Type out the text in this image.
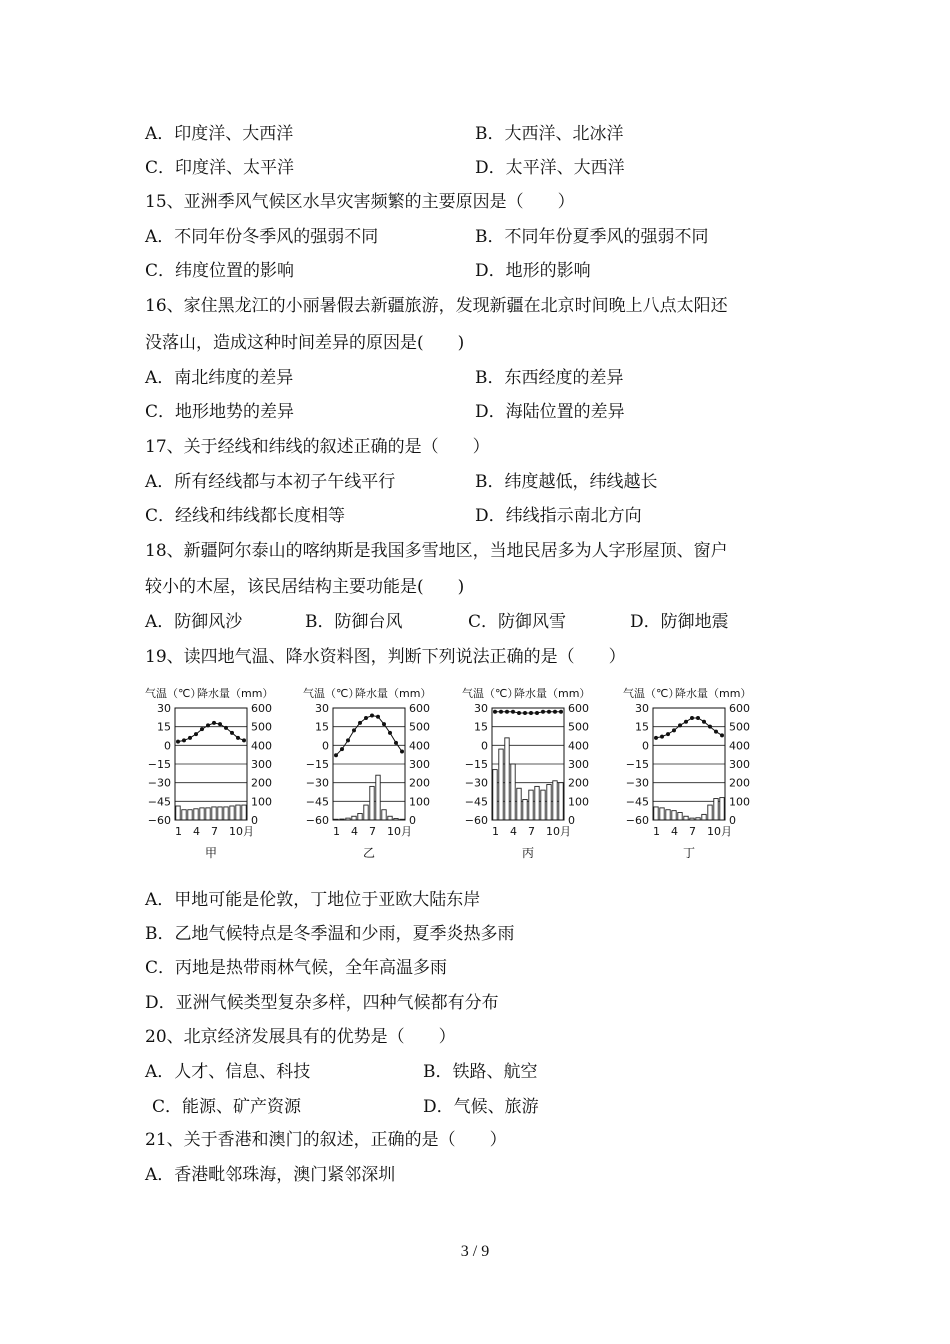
A．印度洋、大西洋	B．大西洋、北冰洋
C．印度洋、太平洋	D．太平洋、大西洋
15、亚洲季风气候区水旱灾害频繁的主要原因是（　　）
A．不同年份冬季风的强弱不同	B．不同年份夏季风的强弱不同
C．纬度位置的影响	D．地形的影响
16、家住黑龙江的小丽暑假去新疆旅游，发现新疆在北京时间晚上八点太阳还
没落山，造成这种时间差异的原因是(　　)
A．南北纬度的差异	B．东西经度的差异
C．地形地势的差异	D．海陆位置的差异
17、关于经线和纬线的叙述正确的是（　　）
A．所有经线都与本初子午线平行	B．纬度越低，纬线越长
C．经线和纬线都长度相等	D．纬线指示南北方向
18、新疆阿尔泰山的喀纳斯是我国多雪地区，当地民居多为人字形屋顶、窗户
较小的木屋，该民居结构主要功能是(　　)
A．防御风沙	B．防御台风	C．防御风雪	D．防御地震
19、读四地气温、降水资料图，判断下列说法正确的是（　　）
气温（℃）
降水量（mm）
30	600
15	500
0	400
−15	300
−30	200
−45	100
−60	0
1 4 7 10月
甲
气温（℃）
降水量（mm）
30	600
15	500
0	400
−15	300
−30	200
−45	100
−60	0
1 4 7 10月
乙
气温（℃）
降水量（mm）
30	600
15	500
0	400
−15	300
−30	200
−45	100
−60	0
1 4 7 10月
丙
气温（℃）
降水量（mm）
30	600
15	500
0	400
−15	300
−30	200
−45	100
−60	0
1 4 7 10月
丁
A．甲地可能是伦敦，丁地位于亚欧大陆东岸
B．乙地气候特点是冬季温和少雨，夏季炎热多雨
C．丙地是热带雨林气候，全年高温多雨
D．亚洲气候类型复杂多样，四种气候都有分布
20、北京经济发展具有的优势是（　　）
A．人才、信息、科技	B．铁路、航空
C．能源、矿产资源	D．气候、旅游
21、关于香港和澳门的叙述，正确的是（　　）
A．香港毗邻珠海，澳门紧邻深圳
3 / 9
